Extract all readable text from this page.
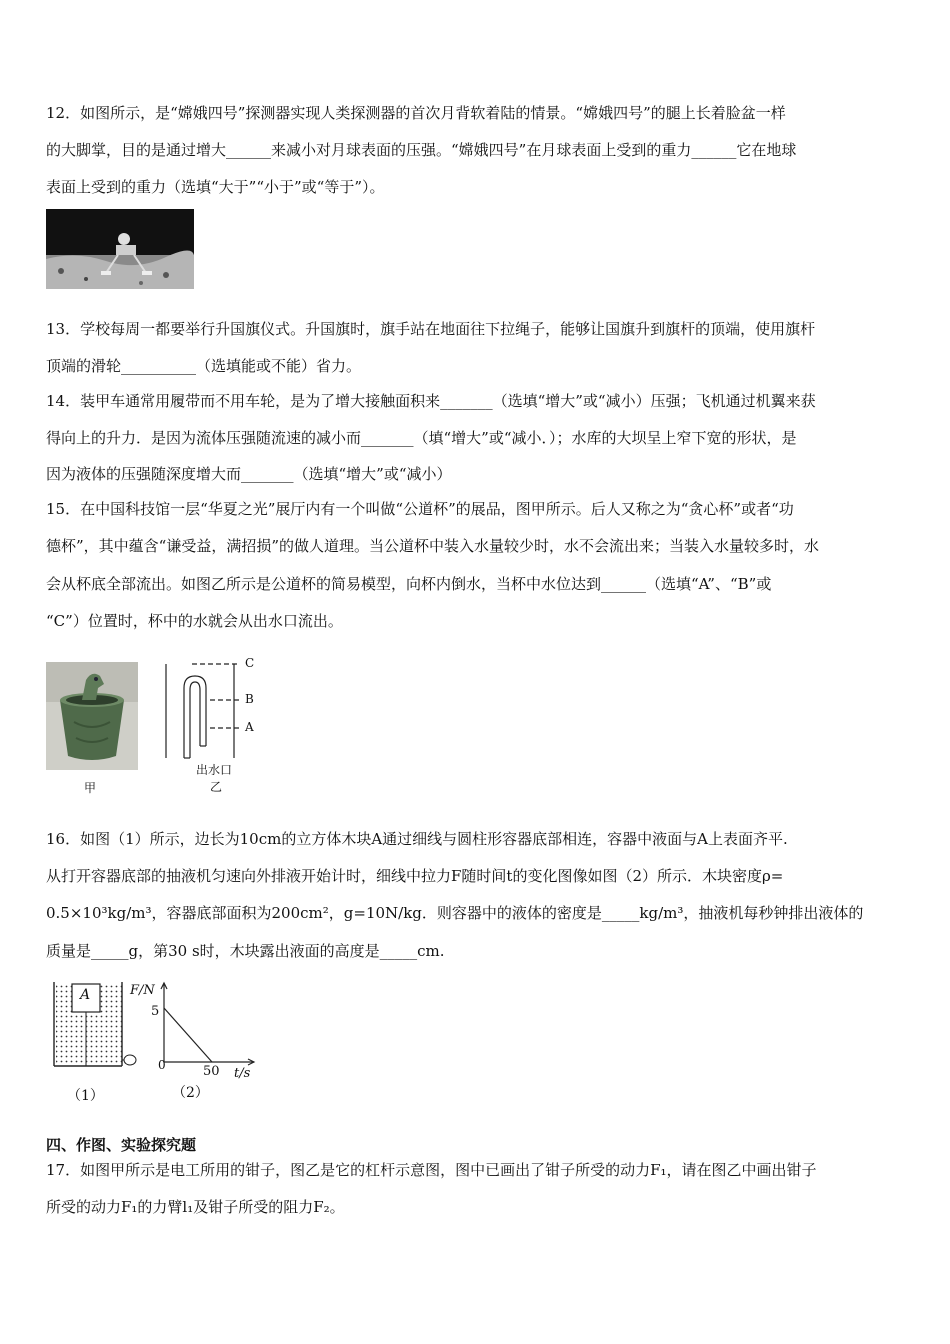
12．如图所示，是“嫦娥四号”探测器实现人类探测器的首次月背软着陆的情景。“嫦娥四号”的腿上长着脸盆一样
的大脚掌，目的是通过增大______来减小对月球表面的压强。“嫦娥四号”在月球表面上受到的重力______它在地球
表面上受到的重力（选填“大于”“小于”或“等于”）。
13．学校每周一都要举行升国旗仪式。升国旗时，旗手站在地面往下拉绳子，能够让国旗升到旗杆的顶端，使用旗杆
顶端的滑轮__________（选填能或不能）省力。
14．装甲车通常用履带而不用车轮，是为了增大接触面积来_______（选填“增大”或“减小）压强；飞机通过机翼来获
得向上的升力．是因为流体压强随流速的减小而_______（填“增大”或“减小．）；水库的大坝呈上窄下宽的形状，是
因为液体的压强随深度增大而_______（选填“增大”或“减小）
15．在中国科技馆一层“华夏之光”展厅内有一个叫做“公道杯”的展品，图甲所示。后人又称之为“贪心杯”或者“功
德杯”，其中蕴含“谦受益，满招损”的做人道理。当公道杯中装入水量较少时，水不会流出来；当装入水量较多时，水
会从杯底全部流出。如图乙所示是公道杯的简易模型，向杯内倒水，当杯中水位达到______（选填“A”、“B”或
“C”）位置时，杯中的水就会从出水口流出。
甲
C
B
A
出水口
乙
16．如图（1）所示，边长为10cm的立方体木块A通过细线与圆柱形容器底部相连，容器中液面与A上表面齐平.
从打开容器底部的抽液机匀速向外排液开始计时，细线中拉力F随时间t的变化图像如图（2）所示．木块密度ρ=
0.5×10³kg/m³，容器底部面积为200cm²，g=10N/kg．则容器中的液体的密度是_____kg/m³，抽液机每秒钟排出液体的
质量是_____g，第30 s时，木块露出液面的高度是_____cm.
A
（1）
F/N
5
0	50 t/s
（2）
四、作图、实验探究题
17．如图甲所示是电工所用的钳子，图乙是它的杠杆示意图，图中已画出了钳子所受的动力F₁，请在图乙中画出钳子
所受的动力F₁的力臂l₁及钳子所受的阻力F₂。
